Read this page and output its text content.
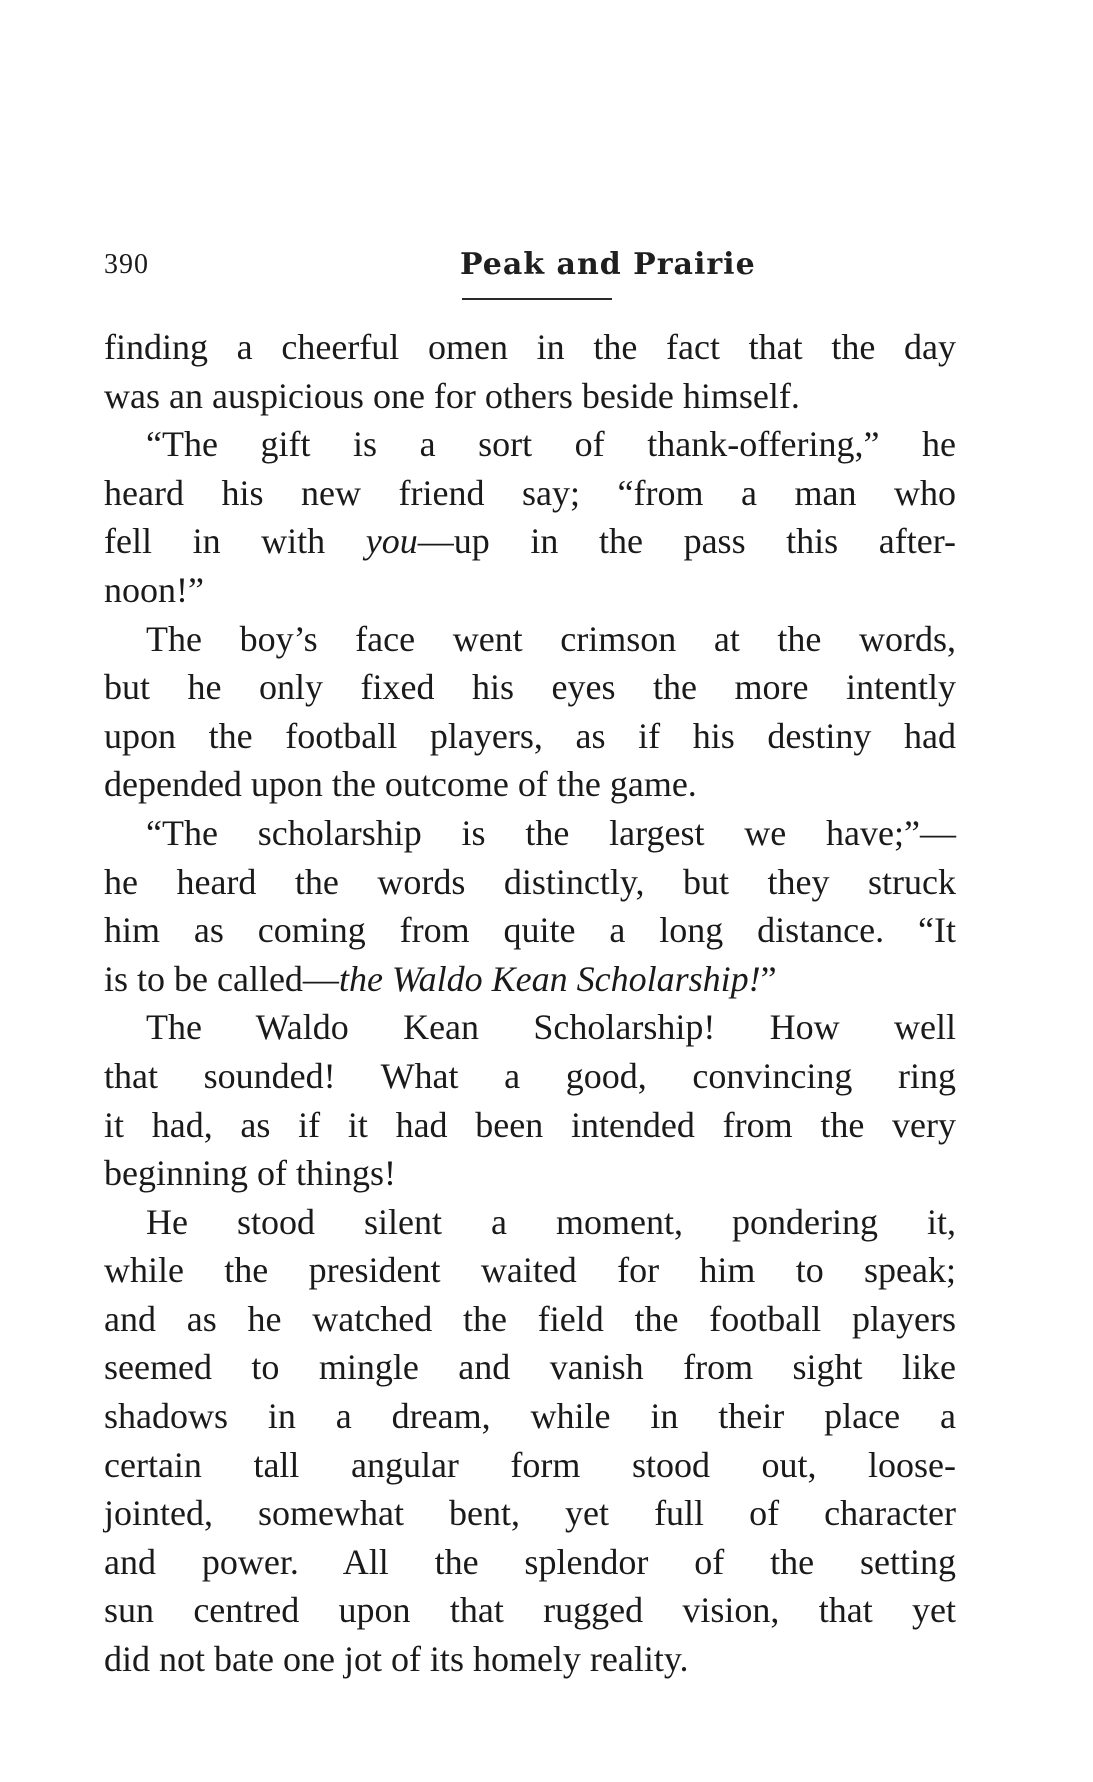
390	Peak and Prairie
finding a cheerful omen in the fact that the day
was an auspicious one for others beside himself.
“The gift is a sort of thank-offering,” he
heard his new friend say; “from a man who
fell in with you—up in the pass this after-
noon!”
The boy’s face went crimson at the words,
but he only fixed his eyes the more intently
upon the football players, as if his destiny had
depended upon the outcome of the game.
“The scholarship is the largest we have;”—
he heard the words distinctly, but they struck
him as coming from quite a long distance. “It
is to be called—the Waldo Kean Scholarship!”
The Waldo Kean Scholarship! How well
that sounded! What a good, convincing ring
it had, as if it had been intended from the very
beginning of things!
He stood silent a moment, pondering it,
while the president waited for him to speak;
and as he watched the field the football players
seemed to mingle and vanish from sight like
shadows in a dream, while in their place a
certain tall angular form stood out, loose-
jointed, somewhat bent, yet full of character
and power. All the splendor of the setting
sun centred upon that rugged vision, that yet
did not bate one jot of its homely reality.
